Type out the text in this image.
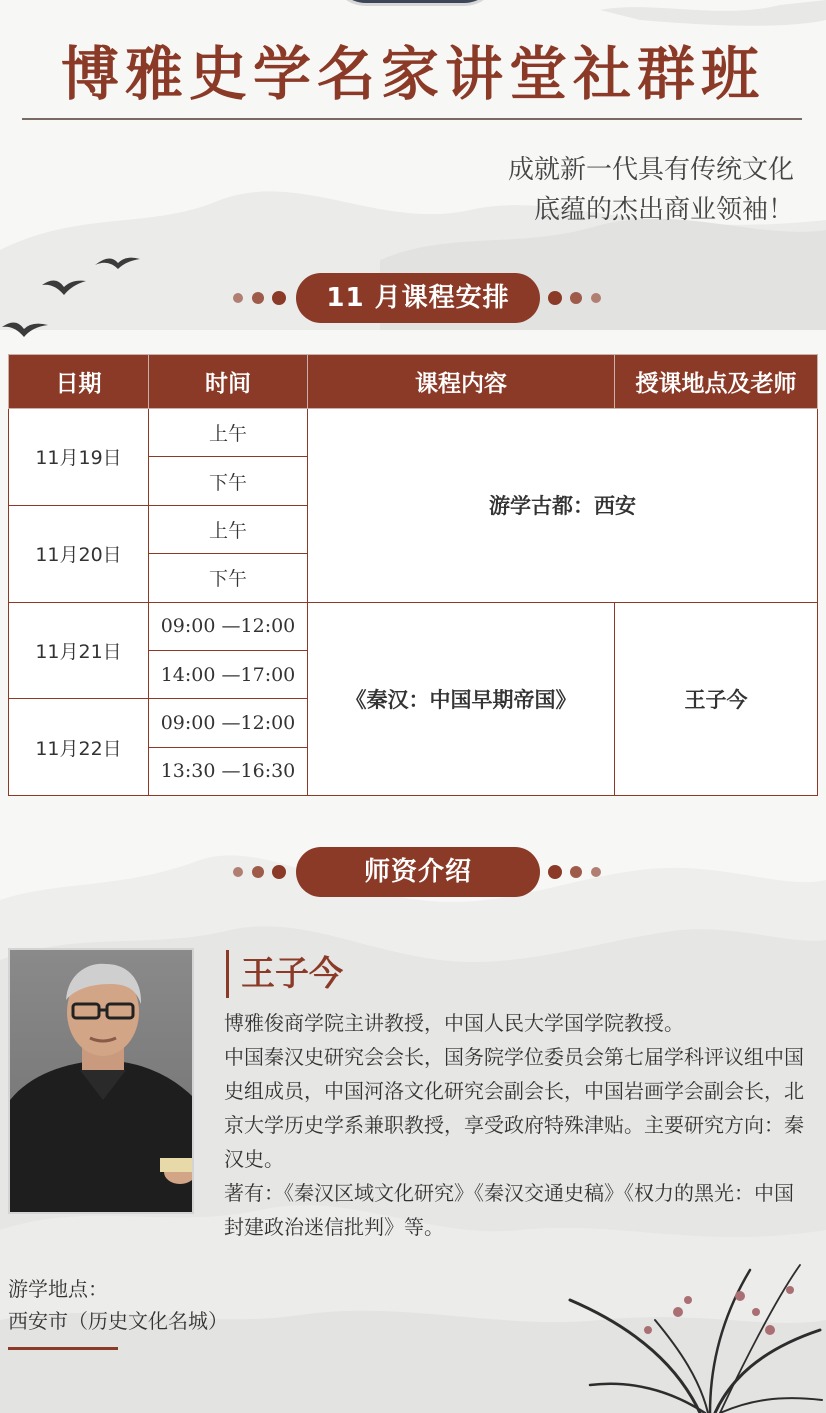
博雅史学名家讲堂社群班
成就新一代具有传统文化
底蕴的杰出商业领袖！
11 月课程安排
日期	时间	课程内容	授课地点及老师
11月19日	上午	游学古都：西安	
	下午		
11月20日	上午		
	下午		
11月21日	09:00 —12:00	《秦汉：中国早期帝国》	王子今
	14:00 —17:00		
11月22日	09:00 —12:00		
	13:30 —16:30		
师资介绍
王子今

博雅俊商学院主讲教授，中国人民大学国学院教授。

中国秦汉史研究会会长，国务院学位委员会第七届学科评议组中国史组成员，中国河洛文化研究会副会长，中国岩画学会副会长，北京大学历史学系兼职教授，享受政府特殊津贴。主要研究方向：秦汉史。

著有：《秦汉区域文化研究》《秦汉交通史稿》《权力的黑光：中国封建政治迷信批判》等。

游学地点：
西安市（历史文化名城）
